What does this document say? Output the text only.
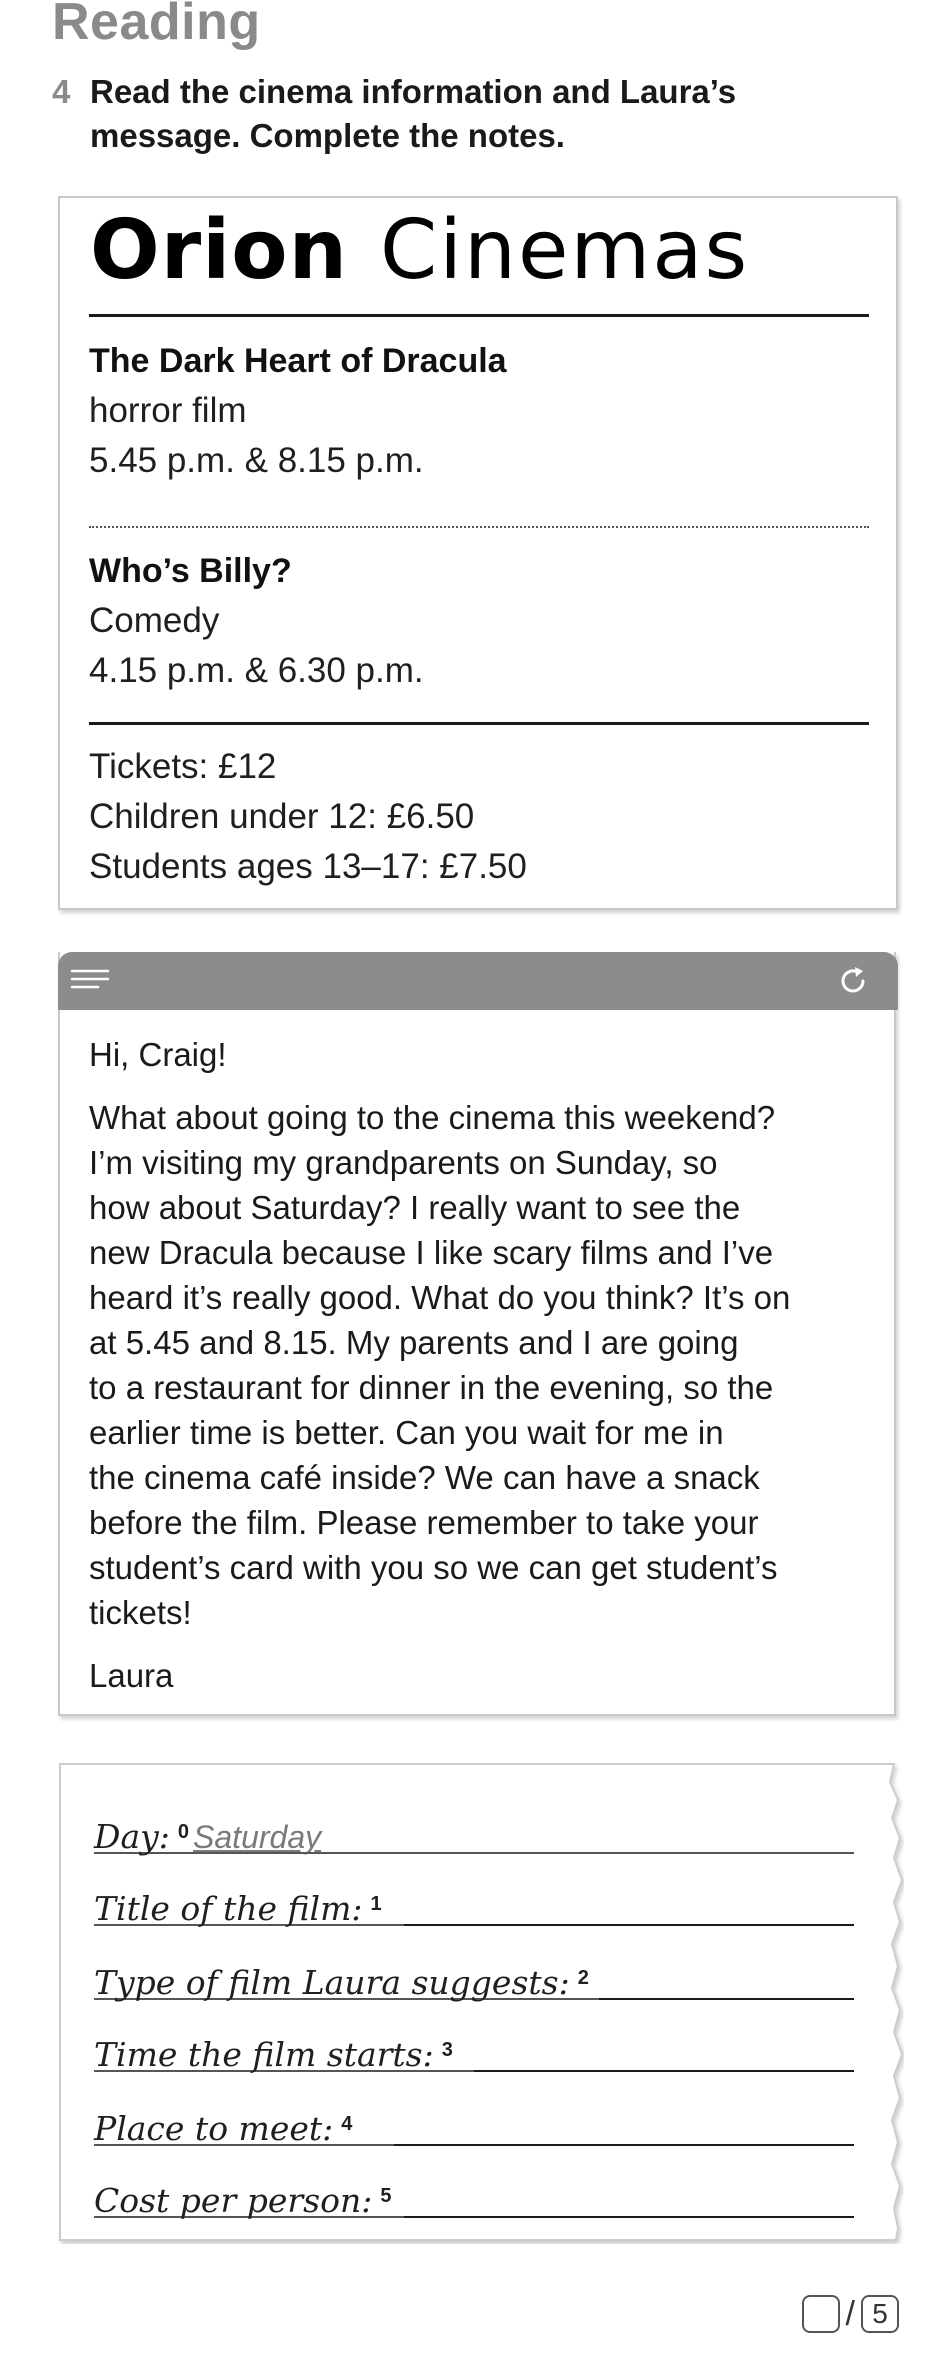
Reading
4 Read the cinema information and Laura’s message. Complete the notes.
Orion Cinemas
The Dark Heart of Dracula
horror film
5.45 p.m. & 8.15 p.m.
Who’s Billy?
Comedy
4.15 p.m. & 6.30 p.m.
Tickets: £12
Children under 12: £6.50
Students ages 13–17: £7.50
Hi, Craig!
What about going to the cinema this weekend?
I’m visiting my grandparents on Sunday, so
how about Saturday? I really want to see the
new Dracula because I like scary films and I’ve
heard it’s really good. What do you think? It’s on
at 5.45 and 8.15. My parents and I are going
to a restaurant for dinner in the evening, so the
earlier time is better. Can you wait for me in
the cinema café inside? We can have a snack
before the film. Please remember to take your
student’s card with you so we can get student’s
tickets!
Laura
Day: $^0$ Saturday
Title of the film: $^1$
Type of film Laura suggests: $^2$
Time the film starts: $^3$
Place to meet: $^4$
Cost per person: $^5$
/ 5
